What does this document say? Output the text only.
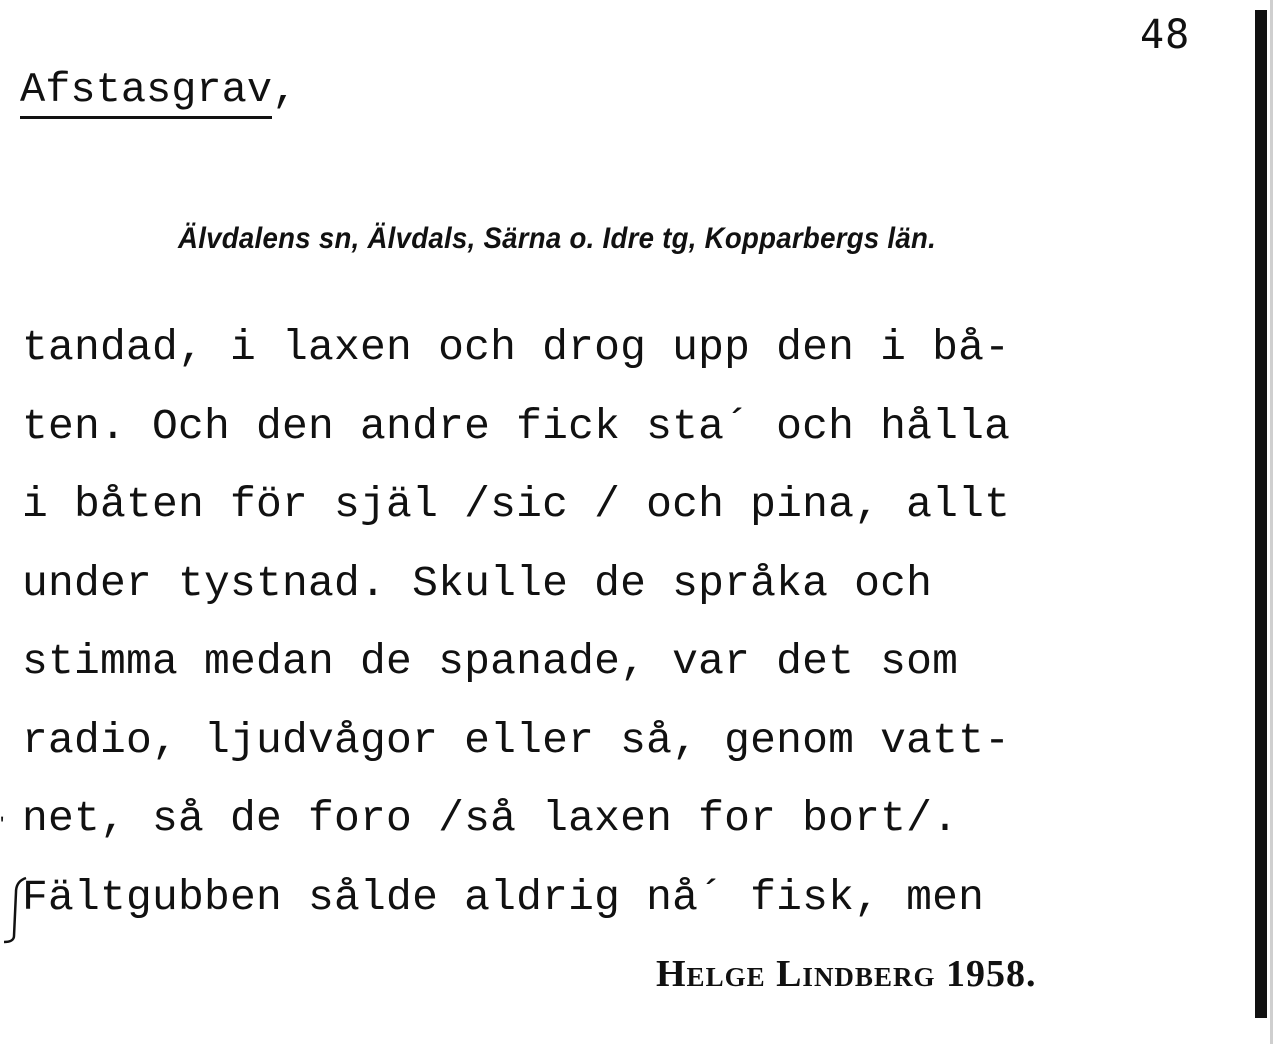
48
Afstasgrav,
Älvdalens sn, Älvdals, Särna o. Idre tg, Kopparbergs län.
tandad, i laxen och drog upp den i bå-
ten. Och den andre fick sta´ och hålla
i båten för själ /sic / och pina, allt
under tystnad. Skulle de språka och
stimma medan de spanade, var det som
radio, ljudvågor eller så, genom vatt-
net, så de foro /så laxen for bort/.
Fältgubben sålde aldrig nå´ fisk, men
ʹ
Helge Lindberg 1958.
